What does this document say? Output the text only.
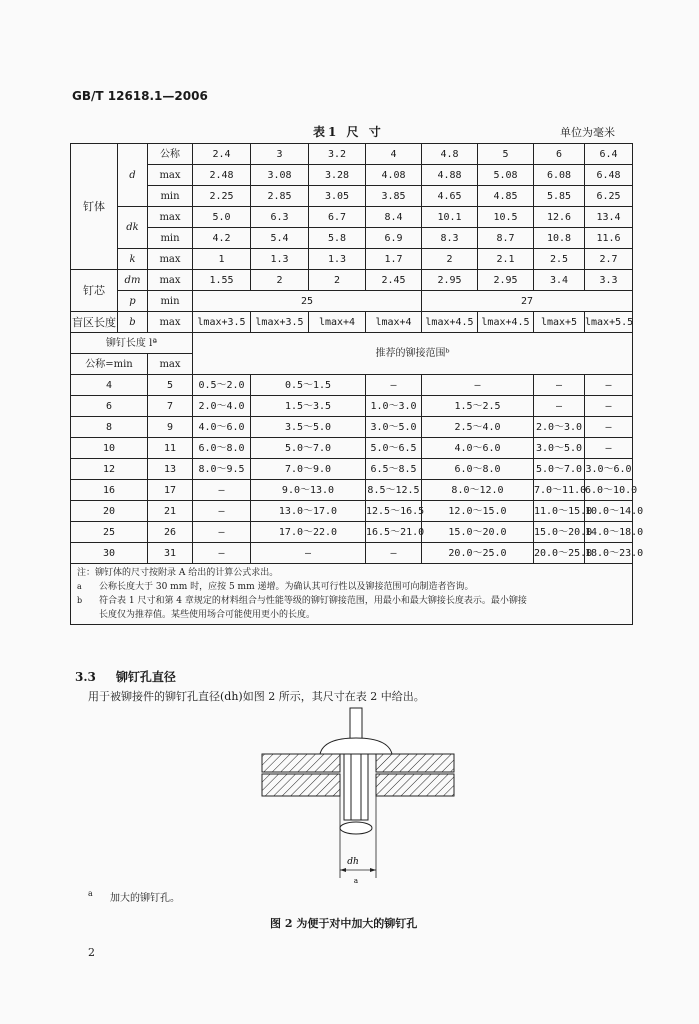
GB/T 12618.1—2006
表1 尺 寸	单位为毫米
钉体	d	公称	2.4	3	3.2	4	4.8	5	6	6.4
		max	2.48	3.08	3.28	4.08	4.88	5.08	6.08	6.48
		min	2.25	2.85	3.05	3.85	4.65	4.85	5.85	6.25
	dk	max	5.0	6.3	6.7	8.4	10.1	10.5	12.6	13.4
		min	4.2	5.4	5.8	6.9	8.3	8.7	10.8	11.6
	k	max	1	1.3	1.3	1.7	2	2.1	2.5	2.7
钉芯	dm	max	1.55	2	2	2.45	2.95	2.95	3.4	3.3
	p	min	25				27			
盲区长度	b	max	lmax+3.5	lmax+3.5	lmax+4	lmax+4	lmax+4.5	lmax+4.5	lmax+5	lmax+5.5
铆钉长度 lª			推荐的铆接范围ᵇ							
公称=min		max								
4		5	0.5～2.0	0.5～1.5		—	—		—	—
6		7	2.0～4.0	1.5～3.5		1.0～3.0	1.5～2.5		—	—
8		9	4.0～6.0	3.5～5.0		3.0～5.0	2.5～4.0		2.0～3.0	—
10		11	6.0～8.0	5.0～7.0		5.0～6.5	4.0～6.0		3.0～5.0	—
12		13	8.0～9.5	7.0～9.0		6.5～8.5	6.0～8.0		5.0～7.0	3.0～6.0
16		17	—	9.0～13.0		8.5～12.5	8.0～12.0		7.0～11.0	6.0～10.0
20		21	—	13.0～17.0		12.5～16.5	12.0～15.0		11.0～15.0	10.0～14.0
25		26	—	17.0～22.0		16.5～21.0	15.0～20.0		15.0～20.0	14.0～18.0
30		31	—	—		—	20.0～25.0		20.0～25.0	18.0～23.0

注：铆钉体的尺寸按附录 A 给出的计算公式求出。
a 公称长度大于 30 mm 时，应按 5 mm 递增。为确认其可行性以及铆接范围可向制造者咨询。
b 符合表 1 尺寸和第 4 章规定的材料组合与性能等级的铆钉铆接范围，用最小和最大铆接长度表示。最小铆接
长度仅为推荐值。某些使用场合可能使用更小的长度。										
3.3 铆钉孔直径
用于被铆接件的铆钉孔直径(dh)如图 2 所示，其尺寸在表 2 中给出。
dh
a
a 加大的铆钉孔。
图 2 为便于对中加大的铆钉孔
2
